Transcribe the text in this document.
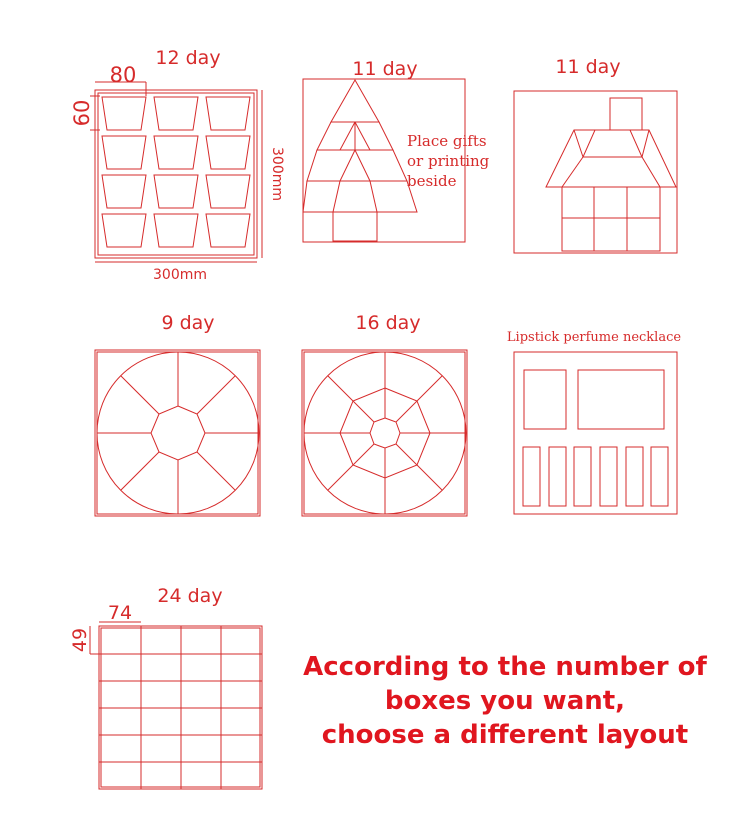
12 day
80
60
300mm
300mm
11 day
Place gifts
or printing
beside
11 day
9 day	16 day
Lipstick perfume necklace
24 day
74
49
According to the number of
boxes you want,
choose a different layout
